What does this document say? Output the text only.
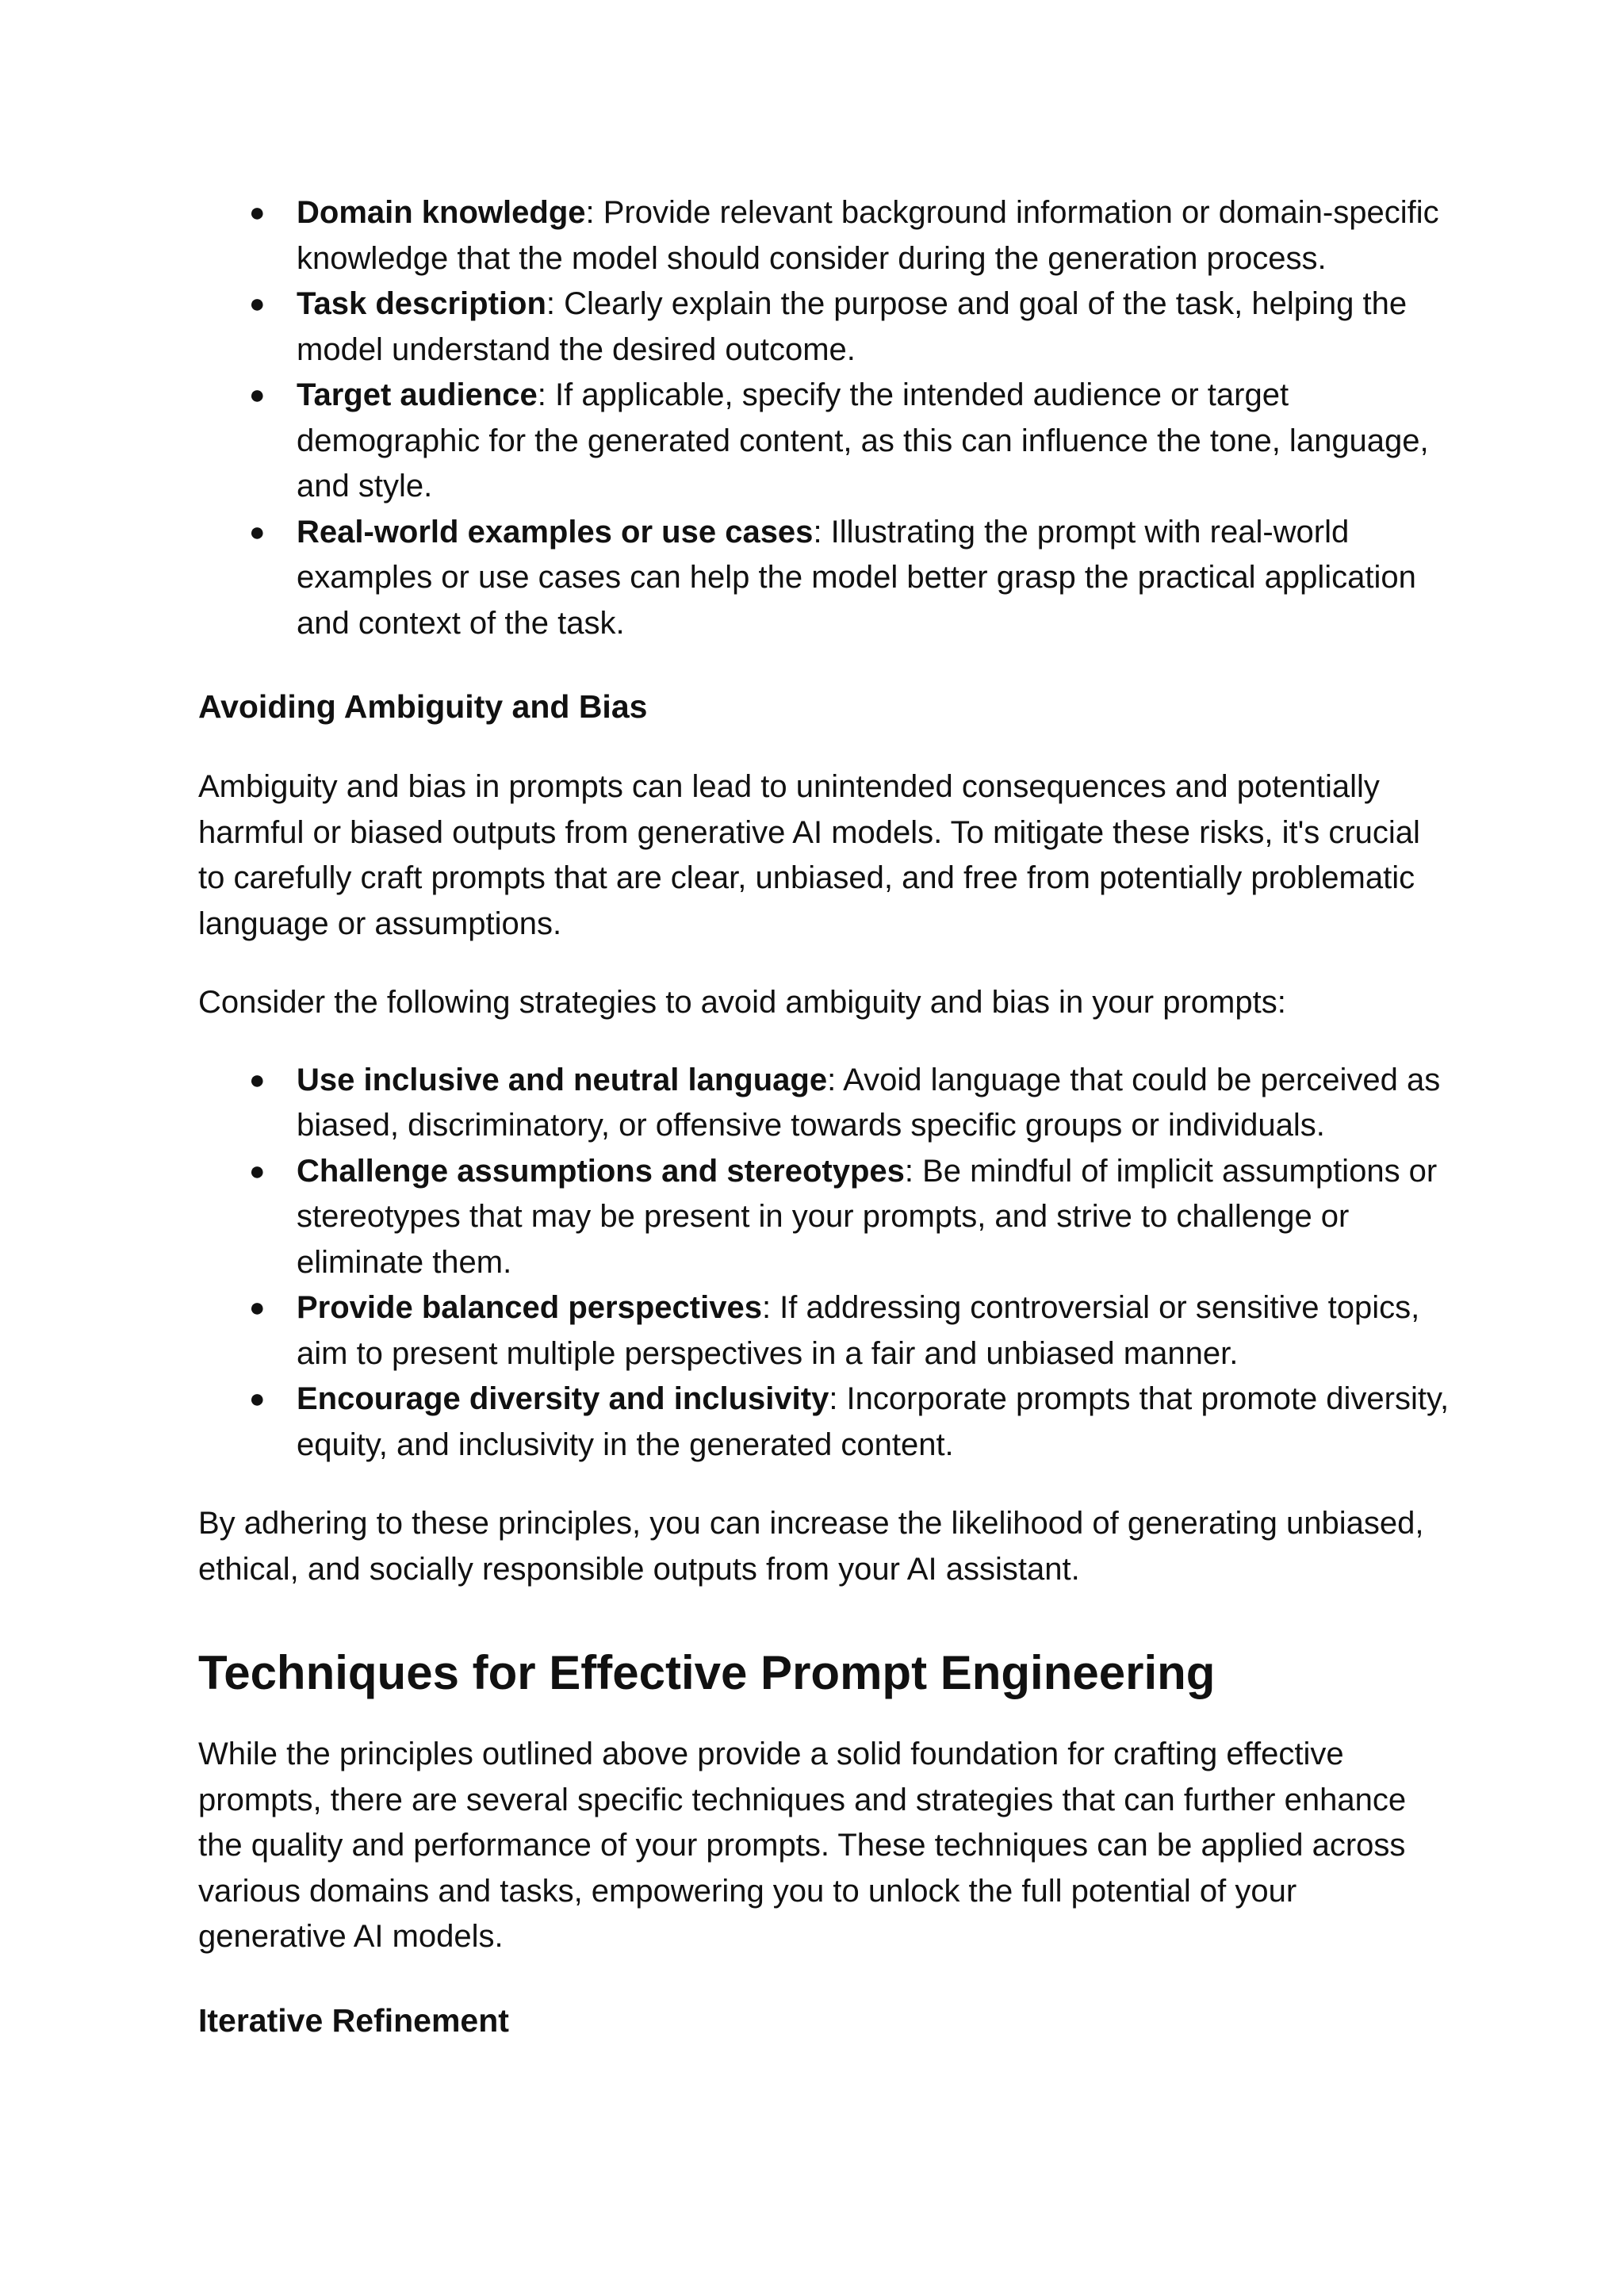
● Domain knowledge: Provide relevant background information or domain-specific knowledge that the model should consider during the generation process.
● Task description: Clearly explain the purpose and goal of the task, helping the model understand the desired outcome.
● Target audience: If applicable, specify the intended audience or target demographic for the generated content, as this can influence the tone, language, and style.
● Real-world examples or use cases: Illustrating the prompt with real-world examples or use cases can help the model better grasp the practical application and context of the task.
Avoiding Ambiguity and Bias

Ambiguity and bias in prompts can lead to unintended consequences and potentially harmful or biased outputs from generative AI models. To mitigate these risks, it's crucial to carefully craft prompts that are clear, unbiased, and free from potentially problematic language or assumptions.

Consider the following strategies to avoid ambiguity and bias in your prompts:

● Use inclusive and neutral language: Avoid language that could be perceived as biased, discriminatory, or offensive towards specific groups or individuals.
● Challenge assumptions and stereotypes: Be mindful of implicit assumptions or stereotypes that may be present in your prompts, and strive to challenge or eliminate them.
● Provide balanced perspectives: If addressing controversial or sensitive topics, aim to present multiple perspectives in a fair and unbiased manner.
● Encourage diversity and inclusivity: Incorporate prompts that promote diversity, equity, and inclusivity in the generated content.

By adhering to these principles, you can increase the likelihood of generating unbiased, ethical, and socially responsible outputs from your AI assistant.

Techniques for Effective Prompt Engineering

While the principles outlined above provide a solid foundation for crafting effective prompts, there are several specific techniques and strategies that can further enhance the quality and performance of your prompts. These techniques can be applied across various domains and tasks, empowering you to unlock the full potential of your generative AI models.

Iterative Refinement
